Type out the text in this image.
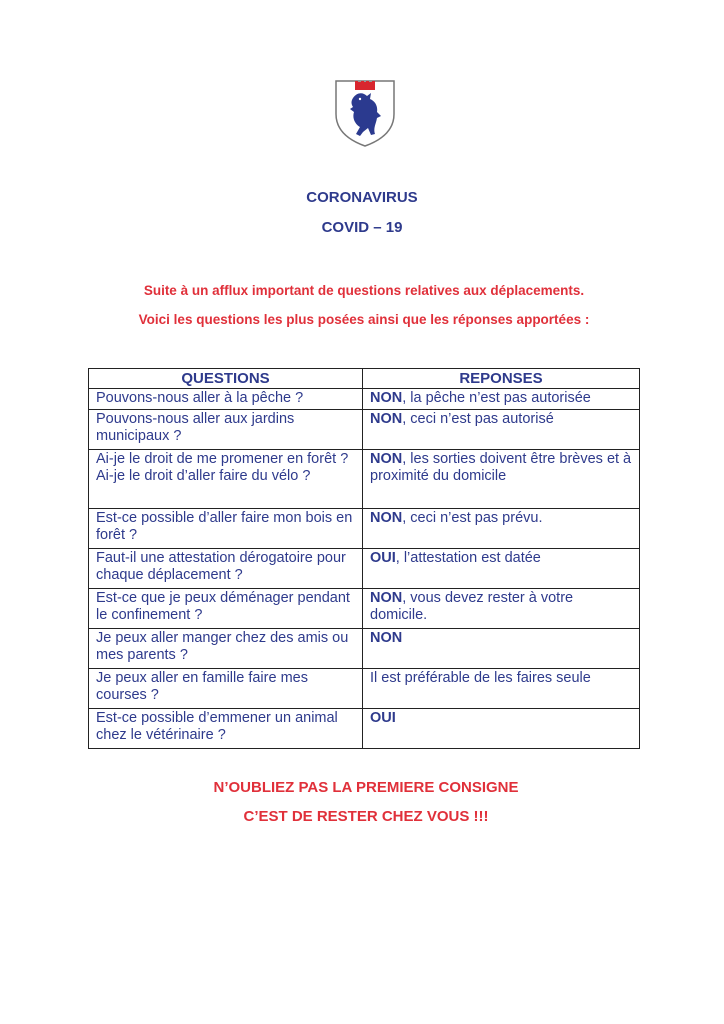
CORONAVIRUS
COVID – 19

Suite à un afflux important de questions relatives aux déplacements.

Voici les questions les plus posées ainsi que les réponses apportées :

QUESTIONS	REPONSES

Pouvons-nous aller à la pêche ?	NON, la pêche n’est pas autorisée

Pouvons-nous aller aux jardins municipaux ?	NON, ceci n’est pas autorisé

Ai-je le droit de me promener en forêt ?
Ai-je le droit d’aller faire du vélo ?	NON, les sorties doivent être brèves et à proximité du domicile

Est-ce possible d’aller faire mon bois en forêt ?	NON, ceci n’est pas prévu.

Faut-il une attestation dérogatoire pour chaque déplacement ?	OUI, l’attestation est datée

Est-ce que je peux déménager pendant le confinement ?	NON, vous devez rester à votre domicile.

Je peux aller manger chez des amis ou mes parents ?	NON

Je peux aller en famille faire mes courses ?	Il est préférable de les faires seule

Est-ce possible d’emmener un animal chez le vétérinaire ?	OUI

N’OUBLIEZ PAS LA PREMIERE CONSIGNE

C’EST DE RESTER CHEZ VOUS !!!
